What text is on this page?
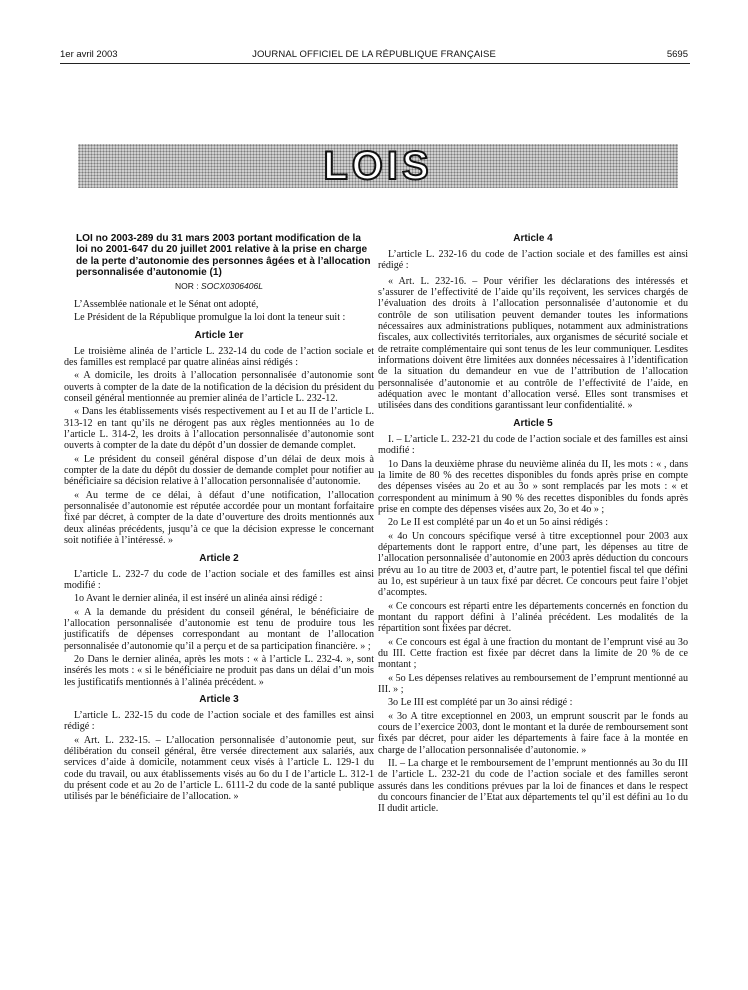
1er avril 2003	JOURNAL OFFICIEL DE LA RÉPUBLIQUE FRANÇAISE	5695
LOIS
LOI no 2003-289 du 31 mars 2003 portant modification de la loi no 2001-647 du 20 juillet 2001 relative à la prise en charge de la perte d’autonomie des personnes âgées et à l’allocation personnalisée d’autonomie (1)
NOR : SOCX0306406L

L’Assemblée nationale et le Sénat ont adopté,

Le Président de la République promulgue la loi dont la teneur suit :

Article 1er

Le troisième alinéa de l’article L. 232-14 du code de l’action sociale et des familles est remplacé par quatre alinéas ainsi rédigés :

« A domicile, les droits à l’allocation personnalisée d’autonomie sont ouverts à compter de la date de la notification de la décision du président du conseil général mentionnée au premier alinéa de l’article L. 232-12.

« Dans les établissements visés respectivement au I et au II de l’article L. 313-12 en tant qu’ils ne dérogent pas aux règles mentionnées au 1o de l’article L. 314-2, les droits à l’allocation personnalisée d’autonomie sont ouverts à compter de la date du dépôt d’un dossier de demande complet.

« Le président du conseil général dispose d’un délai de deux mois à compter de la date du dépôt du dossier de demande complet pour notifier au bénéficiaire sa décision relative à l’allocation personnalisée d’autonomie.

« Au terme de ce délai, à défaut d’une notification, l’allocation personnalisée d’autonomie est réputée accordée pour un montant forfaitaire fixé par décret, à compter de la date d’ouverture des droits mentionnés aux deux alinéas précédents, jusqu’à ce que la décision expresse le concernant soit notifiée à l’intéressé. »

Article 2

L’article L. 232-7 du code de l’action sociale et des familles est ainsi modifié :

1o Avant le dernier alinéa, il est inséré un alinéa ainsi rédigé :

« A la demande du président du conseil général, le bénéficiaire de l’allocation personnalisée d’autonomie est tenu de produire tous les justificatifs de dépenses correspondant au montant de l’allocation personnalisée d’autonomie qu’il a perçu et de sa participation financière. » ;

2o Dans le dernier alinéa, après les mots : « à l’article L. 232-4. », sont insérés les mots : « si le bénéficiaire ne produit pas dans un délai d’un mois les justificatifs mentionnés à l’alinéa précédent. »

Article 3

L’article L. 232-15 du code de l’action sociale et des familles est ainsi rédigé :

« Art. L. 232-15. – L’allocation personnalisée d’autonomie peut, sur délibération du conseil général, être versée directement aux salariés, aux services d’aide à domicile, notamment ceux visés à l’article L. 129-1 du code du travail, ou aux établissements visés au 6o du I de l’article L. 312-1 du présent code et au 2o de l’article L. 6111-2 du code de la santé publique utilisés par le bénéficiaire de l’allocation. »

Article 4

L’article L. 232-16 du code de l’action sociale et des familles est ainsi rédigé :

« Art. L. 232-16. – Pour vérifier les déclarations des intéressés et s’assurer de l’effectivité de l’aide qu’ils reçoivent, les services chargés de l’évaluation des droits à l’allocation personnalisée d’autonomie et du contrôle de son utilisation peuvent demander toutes les informations nécessaires aux administrations publiques, notamment aux administrations fiscales, aux collectivités territoriales, aux organismes de sécurité sociale et de retraite complémentaire qui sont tenus de les leur communiquer. Lesdites informations doivent être limitées aux données nécessaires à l’identification de la situation du demandeur en vue de l’attribution de l’allocation personnalisée d’autonomie et au contrôle de l’effectivité de l’aide, en adéquation avec le montant d’allocation versé. Elles sont transmises et utilisées dans des conditions garantissant leur confidentialité. »

Article 5

I. – L’article L. 232-21 du code de l’action sociale et des familles est ainsi modifié :

1o Dans la deuxième phrase du neuvième alinéa du II, les mots : « , dans la limite de 80 % des recettes disponibles du fonds après prise en compte des dépenses visées au 2o et au 3o » sont remplacés par les mots : « et correspondent au minimum à 90 % des recettes disponibles du fonds après prise en compte des dépenses visées aux 2o, 3o et 4o » ;

2o Le II est complété par un 4o et un 5o ainsi rédigés :

« 4o Un concours spécifique versé à titre exceptionnel pour 2003 aux départements dont le rapport entre, d’une part, les dépenses au titre de l’allocation personnalisée d’autonomie en 2003 après déduction du concours prévu au 1o au titre de 2003 et, d’autre part, le potentiel fiscal tel que défini au 1o, est supérieur à un taux fixé par décret. Ce concours peut faire l’objet d’acomptes.

« Ce concours est réparti entre les départements concernés en fonction du montant du rapport défini à l’alinéa précédent. Les modalités de la répartition sont fixées par décret.

« Ce concours est égal à une fraction du montant de l’emprunt visé au 3o du III. Cette fraction est fixée par décret dans la limite de 20 % de ce montant ;

« 5o Les dépenses relatives au remboursement de l’emprunt mentionné au III. » ;

3o Le III est complété par un 3o ainsi rédigé :

« 3o A titre exceptionnel en 2003, un emprunt souscrit par le fonds au cours de l’exercice 2003, dont le montant et la durée de remboursement sont fixés par décret, pour aider les départements à faire face à la montée en charge de l’allocation personnalisée d’autonomie. »

II. – La charge et le remboursement de l’emprunt mentionnés au 3o du III de l’article L. 232-21 du code de l’action sociale et des familles seront assurés dans les conditions prévues par la loi de finances et dans le respect du concours financier de l’Etat aux départements tel qu’il est défini au 1o du II dudit article.
